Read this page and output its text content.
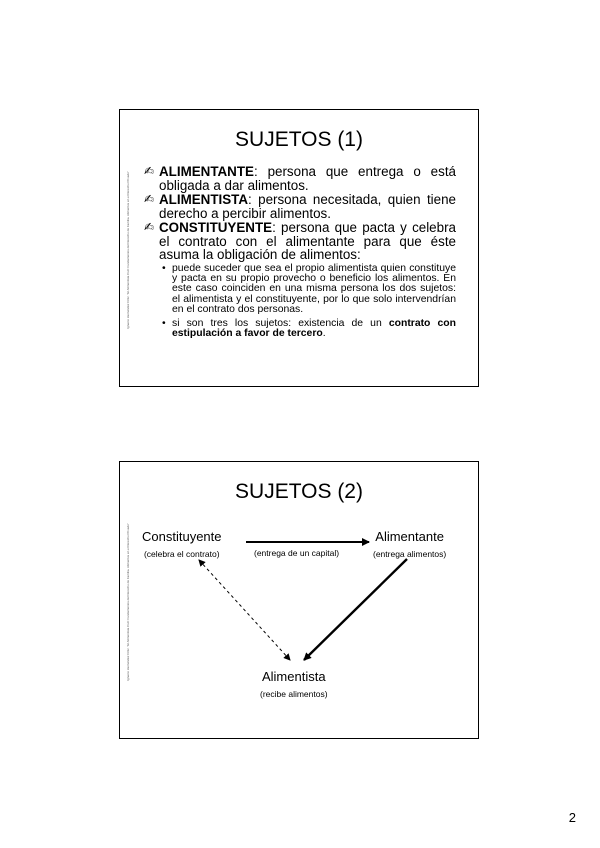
Ignacio Hernández Ortiz. "El Alimentista Civil: Fundamentos del Derecho de Familia. Alimentos en el Derecho Privado"
SUJETOS (1)
✍ ALIMENTANTE: persona que entrega o está obligada a dar alimentos.
✍ ALIMENTISTA: persona necesitada, quien tiene derecho a percibir alimentos.
✍ CONSTITUYENTE: persona que pacta y celebra el contrato con el alimentante para que éste asuma la obligación de alimentos:
• puede suceder que sea el propio alimentista quien constituye y pacta en su propio provecho o beneficio los alimentos. En este caso coinciden en una misma persona los dos sujetos: el alimentista y el constituyente, por lo que solo intervendrían en el contrato dos personas.
• si son tres los sujetos: existencia de un contrato con estipulación a favor de tercero.
Ignacio Hernández Ortiz. "El Alimentista Civil: Fundamentos del Derecho de Familia. Alimentos en el Derecho Privado"
SUJETOS (2)
Constituyente
(celebra el contrato)	(entrega de un capital)
Alimentante
(entrega alimentos)
Alimentista
(recibe alimentos)
2
